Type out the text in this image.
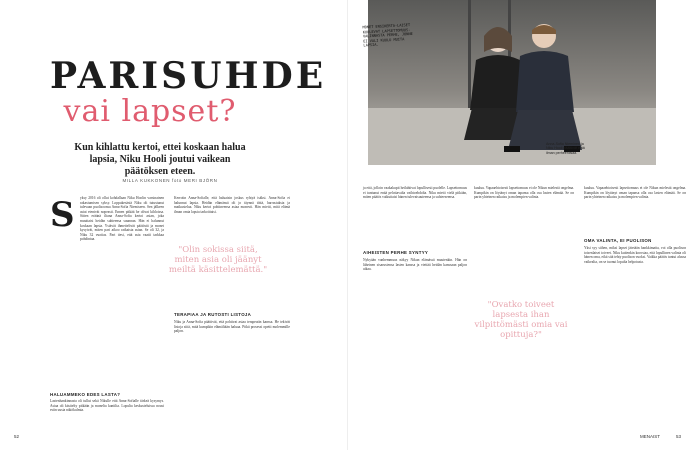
PARISUHDE
vai lapset?
Kun kihlattu kertoi, ettei koskaan halua lapsia, Niku Hooli joutui vaikean päätöksen eteen.
MILLA KUKKONEN foto MERI BJÖRN
S yksy 2016 oli ollut kohdallaan Niku Hoolin varsinainen rakastumisen syksy. Loppukesästä Niku oli tutustunut tulevaan puolisoonsa Anna-Sofia Niemiseen. Sen jälkeen asiat etenivät nopeasti. Ennen pitkää he olivat kihloissa. Sitten eräänä iltana Anna-Sofia kertoi asian, joka muuttaisi heidän suhteensa suunnan. Hän ei halunnut koskaan lapsia. Ystävät ihmettelivät päätöstä ja monet kysyivät, miten pari aikoo ratkaista asian. Se oli 32, ja Niku 32 vuotias. Pari tiesi, että asia vaatii tarkkaa pohdintaa.
HALUAMMEKO EDES LASTA?
Lastenhankinnasta oli tullut sekä Nikulle että Anna-Sofialle tärkeä kysymys. Asiaa oli käsitelty pitkään ja monelta kantilta. Lopulta keskusteluissa nousi esiin uusia näkökulmia.
Kerrotin Anna-Sofialle, että haluaisin joskus ryhtyä isäksi. Anna-Sofia ei halunnut lapsia. Heidän elämänsä oli jo täynnä töitä, harrastuksia ja matkustelua. Niku kertoi pohtineensa asiaa monesti. Hän mietti, mitä elämä ilman omia lapsia tarkoittaisi.
"Olin sokissa siitä, miten asia oli jäänyt meiltä käsittelemättä."
TERAPIAA JA RUTOSTI LISTOJA
Niku ja Anna-Sofia päättivät, että pohtivat asiaa terapeutin kanssa. He tekivät listoja siitä, mitä kumpikin elämältään haluaa. Pitkä prosessi opetti molemmille paljon.
52
MONET ENSIKERTA-LAISET KUULEVAT LAPSETTOMUUS-VALINNASTA PERHE, JONNE EI VALI KUULU MUITA LAPSIA.
Anna-Sofia Nieminen ja Niku Hooli päättivät elää ilman perheenlisää.
ja että, jolloin vaakakupit heilahtivat lopullisesti puolelle. Lapsettomuus ei tuntunut enää pelottavalta vaihtoehdolta. Niku mietti vielä pitkään, miten päätös vaikuttaisi hänen tulevaisuuteensa ja suhteeseensa.
AIHEISTEN PERHE SYNTYY
Nykyään vanhemmuus näkyy Nikun elämässä muutenkin. Hän on läheinen sisarustensa lasten kanssa ja viettää heidän kanssaan paljon aikaa.
kuuluu. Vapaaehtoisesti lapsettomuus ei ole Nikun mielestä ongelma. Kumpikin on löytänyt oman tapansa olla osa lasten elämää. Se on parin yhteinen ratkaisu ja molempien valinta.
"Ovatko toiveet lapsesta ihan vilpittömästi omia vai opittuja?"
kuuluu. Vapaaehtoisesti lapsettomuus ei ole Nikun mielestä ongelma. Kumpikin on löytänyt oman tapansa olla osa lasten elämää. Se on parin yhteinen ratkaisu ja molempien valinta.
OMA VALINTA, EI PUOLISON
Yksi syy siihen, miksi lapset jätetään hankkimatta, voi olla puolison toisenlaiset toiveet. Niku kuitenkin korostaa, että lopullinen valinta oli hänen oma, eikä sitä tehty puolison vuoksi. Vaikka päätös tuntui alussa vaikealta, on se tuonut lopulta helpotusta.
MENAIST	53
